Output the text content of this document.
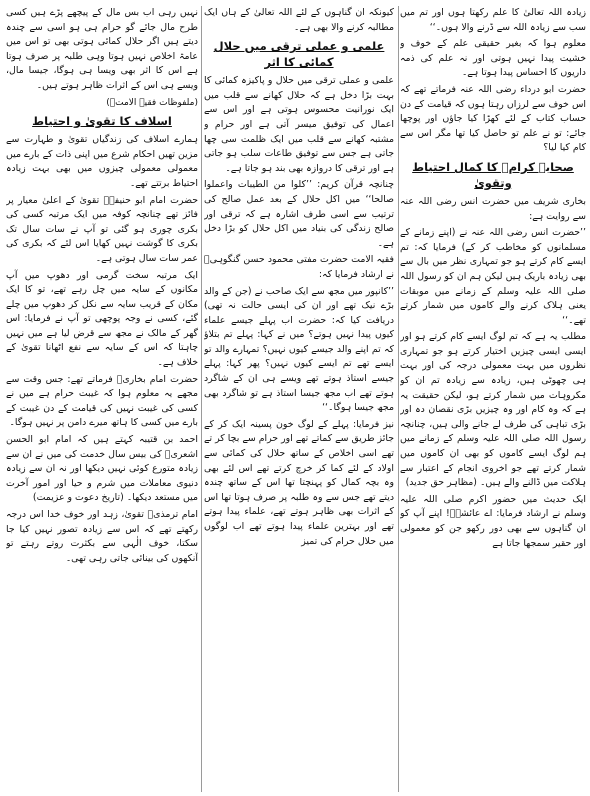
زیادہ اللہ تعالیٰ کا علم رکھتا ہوں اور تم میں سب سے زیادہ اللہ سے ڈرنے والا ہوں۔‘‘

معلوم ہوا کہ بغیر حقیقی علم کے خوف و خشیت پیدا نہیں ہوتی اور نہ علم کی ذمہ داریوں کا احساس پیدا ہوتا ہے۔

حضرت ابو درداء رضی اللہ عنہ فرماتے تھے کہ اس خوف سے لرزاں رہتا ہوں کہ قیامت کے دن حساب کتاب کے لئے کھڑا کیا جاؤں اور پوچھا جائے: تو نے علم تو حاصل کیا تھا مگر اس سے کام کیا لیا؟

صحابہ کرامؓ کا کمال احتیاط وتقویٰ

بخاری شریف میں حضرت انس رضی اللہ عنہ سے روایت ہے:

’’حضرت انس رضی اللہ عنہ نے (اپنے زمانے کے مسلمانوں کو مخاطب کر کے) فرمایا کہ: تم ایسے کام کرتے ہو جو تمہاری نظر میں بال سے بھی زیادہ باریک ہیں لیکن ہم ان کو رسول اللہ صلی اللہ علیہ وسلم کے زمانے میں موبقات یعنی ہلاک کرنے والے کاموں میں شمار کرتے تھے۔‘‘

مطلب یہ ہے کہ تم لوگ ایسے کام کرتے ہو اور ایسی ایسی چیزیں اختیار کرتے ہو جو تمہاری نظروں میں بہت معمولی درجہ کی اور بہت ہی چھوٹی ہیں، زیادہ سے زیادہ تم ان کو مکروہات میں شمار کرتے ہو، لیکن حقیقت یہ ہے کہ وہ کام اور وہ چیزیں بڑی نقصان دہ اور بڑی تباہی کی طرف لے جانے والی ہیں، چنانچہ رسول اللہ صلی اللہ علیہ وسلم کے زمانے میں ہم لوگ ایسے کاموں کو بھی ان کاموں میں شمار کرتے تھے جو اخروی انجام کے اعتبار سے ہلاکت میں ڈالنے والے ہیں۔ (مظاہر حق جدید)

ایک حدیث میں حضور اکرم صلی اللہ علیہ وسلم نے ارشاد فرمایا: اے عائشہؓ! اپنے آپ کو ان گناہوں سے بھی دور رکھو جن کو معمولی اور حقیر سمجھا جاتا ہے

کیونکہ ان گناہوں کے لئے اللہ تعالیٰ کے ہاں ایک مطالبہ کرنے والا بھی ہے۔

علمی و عملی ترقی میں حلال کمائی کا اثر

علمی و عملی ترقی میں حلال و پاکیزہ کمائی کا بہت بڑا دخل ہے کہ حلال کھانے سے قلب میں ایک نورانیت محسوس ہوتی ہے اور اس سے اعمال کی توفیق میسر آتی ہے اور حرام و مشتبہ کھانے سے قلب میں ایک ظلمت سی چھا جاتی ہے جس سے توفیق طاعات سلب ہو جاتی ہے اور ترقی کا دروازہ بھی بند ہو جاتا ہے۔

چنانچہ قرآن کریم: ’’کلوا من الطیبات واعملوا صالحا‘‘ میں اکل حلال کے بعد عمل صالح کی ترتیب سے اسی طرف اشارہ ہے کہ ترقی اور صالح زندگی کی بنیاد میں اکل حلال کو بڑا دخل ہے۔

فقیہ الامت حضرت مفتی محمود حسن گنگوہیؒ نے ارشاد فرمایا کہ:

’’کانپور میں مجھ سے ایک صاحب نے (جن کے والد بڑے نیک تھے اور ان کی ایسی حالت نہ تھی) دریافت کیا کہ: حضرت اب پہلے جیسے علماء کیوں پیدا نہیں ہوتے؟ میں نے کہا: پہلے تم بتلاؤ کہ تم اپنے والد جیسے کیوں نہیں؟ تمہارے والد تو ایسے تھے تم ایسے کیوں نہیں؟ پھر کہا: پہلے جیسے استاذ ہوتے تھے ویسے ہی ان کے شاگرد ہوتے تھے اب مجھ جیسا استاذ ہے تو شاگرد بھی مجھ جیسا ہوگا۔‘‘

نیز فرمایا: پہلے کے لوگ خون پسینہ ایک کر کے جائز طریق سے کماتے تھے اور حرام سے بچا کر تے تھے اسی اخلاص کے ساتھ حلال کی کمائی سے اولاد کے لئے کما کر خرچ کرتے تھے اس لئے بھی وہ بچہ کمال کو پہنچتا تھا اس کے ساتھ چندہ دیتے تھے جس سے وہ طلبہ پر صرف ہوتا تھا اس کے اثرات بھی ظاہر ہوتے تھے، علماء پیدا ہوتے تھے اور بہترین علماء پیدا ہوتے تھے اب لوگوں میں حلال حرام کی تمیز

نہیں رہی اب بس مال کے پیچھے پڑے ہیں کسی طرح مال جائے گو حرام ہی ہو اسی سے چندہ دیتے ہیں اگر حلال کمائی ہوتی بھی تو اس میں عامۃ اخلاص نہیں ہوتا وہی طلبہ پر صرف ہوتا ہے اس کا اثر بھی ویسا ہی ہوگا، جیسا مال، ویسے ہی اس کے اثرات ظاہر ہوتے ہیں۔

(ملفوظات فقیہ الامتؒ)

اسلاف کا تقویٰ و احتیاط

ہمارے اسلاف کی زندگیاں تقویٰ و طہارت سے مزین تھیں احکام شرع میں اپنی ذات کے بارے میں معمولی معمولی چیزوں میں بھی بہت زیادہ احتیاط برتتے تھے۔

حضرت امام ابو حنیفہؒ تقویٰ کے اعلیٰ معیار پر فائز تھے چنانچہ کوفہ میں ایک مرتبہ کسی کی بکری چوری ہو گئی تو آپ نے سات سال تک بکری کا گوشت نہیں کھایا اس لئے کہ بکری کی عمر سات سال ہوتی ہے۔

ایک مرتبہ سخت گرمی اور دھوپ میں آپ مکانوں کے سایہ میں چل رہے تھے، تو کا ایک مکان کے قریب سایہ سے نکل کر دھوپ میں چلے گئے، کسی نے وجہ پوچھی تو آپ نے فرمایا: اس گھر کے مالک نے مجھ سے قرض لیا ہے میں نہیں چاہتا کہ اس کے سایہ سے نفع اٹھانا تقویٰ کے خلاف ہے۔

حضرت امام بخاریؒ فرماتے تھے: جس وقت سے مجھے یہ معلوم ہوا کہ غیبت حرام ہے میں نے کسی کی غیبت نہیں کی قیامت کے دن غیبت کے بارے میں کسی کا ہاتھ میرے دامن پر نہیں ہوگا۔

احمد بن قتیبہ کہتے ہیں کہ امام ابو الحسن اشعریؒ کی بیس سال خدمت کی میں نے ان سے زیادہ متورع کوئی نہیں دیکھا اور نہ ان سے زیادہ دنیوی معاملات میں شرم و حیا اور امور آخرت میں مستعد دیکھا۔ (تاریخ دعوت و عزیمت)

امام ترمذیؒ تقویٰ، زہد اور خوف خدا اس درجہ رکھتے تھے کہ اس سے زیادہ تصور نہیں کیا جا سکتا، خوف الٰہی سے بکثرت روتے رہتے تو آنکھوں کی بینائی جاتی رہی تھی۔
